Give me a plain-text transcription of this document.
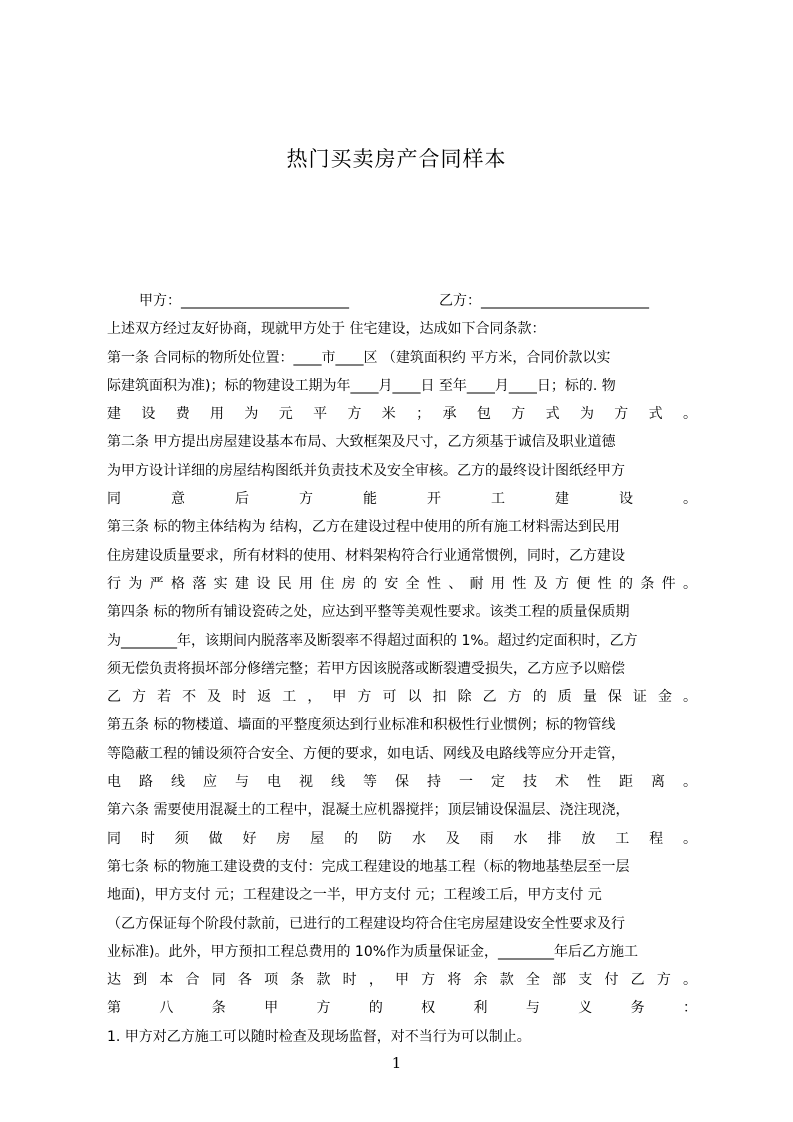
热门买卖房产合同样本
甲方：________________________	乙方：________________________
上述双方经过友好协商，现就甲方处于 住宅建设，达成如下合同条款：
第一条 合同标的物所处位置：____市____区 （建筑面积约 平方米，合同价款以实
际建筑面积为准)；标的物建设工期为年____月____日 至年____月____日；标的. 物
建 设 费 用 为 元 平 方 米 ； 承 包 方 式 为 方 式 。
第二条 甲方提出房屋建设基本布局、大致框架及尺寸，乙方须基于诚信及职业道德
为甲方设计详细的房屋结构图纸并负责技术及安全审核。乙方的最终设计图纸经甲方
同 意 后 方 能 开 工 建 设 。
第三条 标的物主体结构为 结构，乙方在建设过程中使用的所有施工材料需达到民用
住房建设质量要求，所有材料的使用、材料架构符合行业通常惯例，同时，乙方建设
行 为 严 格 落 实 建 设 民 用 住 房 的 安 全 性 、 耐 用 性 及 方 便 性 的 条 件 。
第四条 标的物所有铺设瓷砖之处，应达到平整等美观性要求。该类工程的质量保质期
为________年，该期间内脱落率及断裂率不得超过面积的 1%。超过约定面积时，乙方
须无偿负责将损坏部分修缮完整；若甲方因该脱落或断裂遭受损失，乙方应予以赔偿
乙 方 若 不 及 时 返 工 ， 甲 方 可 以 扣 除 乙 方 的 质 量 保 证 金 。
第五条 标的物楼道、墙面的平整度须达到行业标准和积极性行业惯例；标的物管线
等隐蔽工程的铺设须符合安全、方便的要求，如电话、网线及电路线等应分开走管，
电 路 线 应 与 电 视 线 等 保 持 一 定 技 术 性 距 离 。
第六条 需要使用混凝土的工程中，混凝土应机器搅拌；顶层铺设保温层、浇注现浇，
同 时 须 做 好 房 屋 的 防 水 及 雨 水 排 放 工 程 。
第七条 标的物施工建设费的支付：完成工程建设的地基工程（标的物地基垫层至一层
地面)，甲方支付 元；工程建设之一半，甲方支付 元；工程竣工后，甲方支付 元
（乙方保证每个阶段付款前，已进行的工程建设均符合住宅房屋建设安全性要求及行
业标准)。此外，甲方预扣工程总费用的 10%作为质量保证金，________年后乙方施工
达 到 本 合 同 各 项 条 款 时 ， 甲 方 将 余 款 全 部 支 付 乙 方 。
第 八 条 甲 方 的 权 利 与 义 务 ：
1. 甲方对乙方施工可以随时检查及现场监督，对不当行为可以制止。
1
